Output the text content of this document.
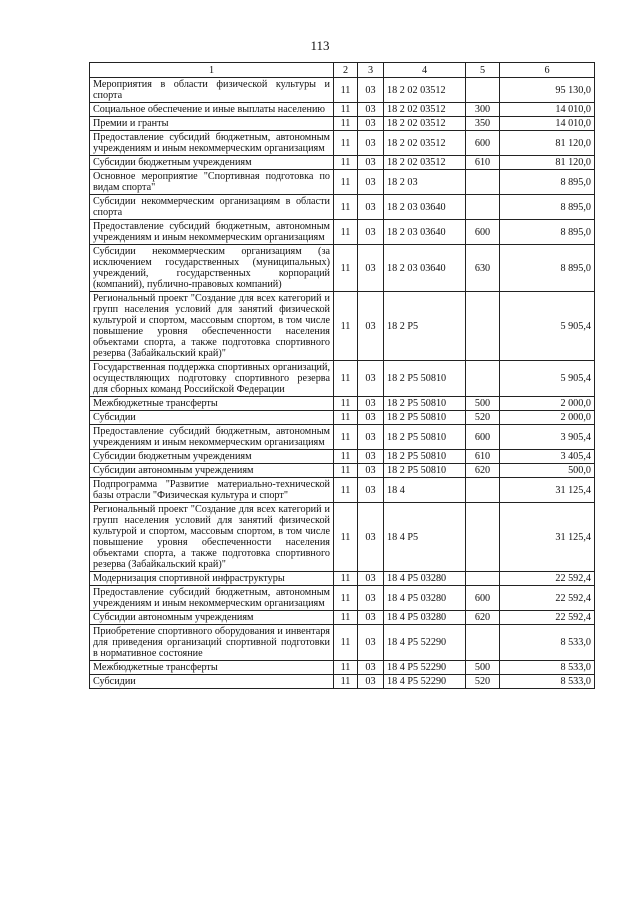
113
1	2	3	4	5	6
Мероприятия в области физической культуры и спорта	11	03	18 2 02 03512		95 130,0
Социальное обеспечение и иные выплаты населению	11	03	18 2 02 03512	300	14 010,0
Премии и гранты	11	03	18 2 02 03512	350	14 010,0
Предоставление субсидий бюджетным, автономным учреждениям и иным некоммерческим организациям	11	03	18 2 02 03512	600	81 120,0
Субсидии бюджетным учреждениям	11	03	18 2 02 03512	610	81 120,0
Основное мероприятие "Спортивная подготовка по видам спорта"	11	03	18 2 03		8 895,0
Субсидии некоммерческим организациям в области спорта	11	03	18 2 03 03640		8 895,0
Предоставление субсидий бюджетным, автономным учреждениям и иным некоммерческим организациям	11	03	18 2 03 03640	600	8 895,0
Субсидии некоммерческим организациям (за исключением государственных (муниципальных) учреждений, государственных корпораций (компаний), публично-правовых компаний)	11	03	18 2 03 03640	630	8 895,0
Региональный проект "Создание для всех категорий и групп населения условий для занятий физической культурой и спортом, массовым спортом, в том числе повышение уровня обеспеченности населения объектами спорта, а также подготовка спортивного резерва (Забайкальский край)"	11	03	18 2 P5		5 905,4
Государственная поддержка спортивных организаций, осуществляющих подготовку спортивного резерва для сборных команд Российской Федерации	11	03	18 2 P5 50810		5 905,4
Межбюджетные трансферты	11	03	18 2 P5 50810	500	2 000,0
Субсидии	11	03	18 2 P5 50810	520	2 000,0
Предоставление субсидий бюджетным, автономным учреждениям и иным некоммерческим организациям	11	03	18 2 P5 50810	600	3 905,4
Субсидии бюджетным учреждениям	11	03	18 2 P5 50810	610	3 405,4
Субсидии автономным учреждениям	11	03	18 2 P5 50810	620	500,0
Подпрограмма "Развитие материально-технической базы отрасли "Физическая культура и спорт"	11	03	18 4		31 125,4
Региональный проект "Создание для всех категорий и групп населения условий для занятий физической культурой и спортом, массовым спортом, в том числе повышение уровня обеспеченности населения объектами спорта, а также подготовка спортивного резерва (Забайкальский край)"	11	03	18 4 P5		31 125,4
Модернизация спортивной инфраструктуры	11	03	18 4 P5 03280		22 592,4
Предоставление субсидий бюджетным, автономным учреждениям и иным некоммерческим организациям	11	03	18 4 P5 03280	600	22 592,4
Субсидии автономным учреждениям	11	03	18 4 P5 03280	620	22 592,4
Приобретение спортивного оборудования и инвентаря для приведения организаций спортивной подготовки в нормативное состояние	11	03	18 4 P5 52290		8 533,0
Межбюджетные трансферты	11	03	18 4 P5 52290	500	8 533,0
Субсидии	11	03	18 4 P5 52290	520	8 533,0
